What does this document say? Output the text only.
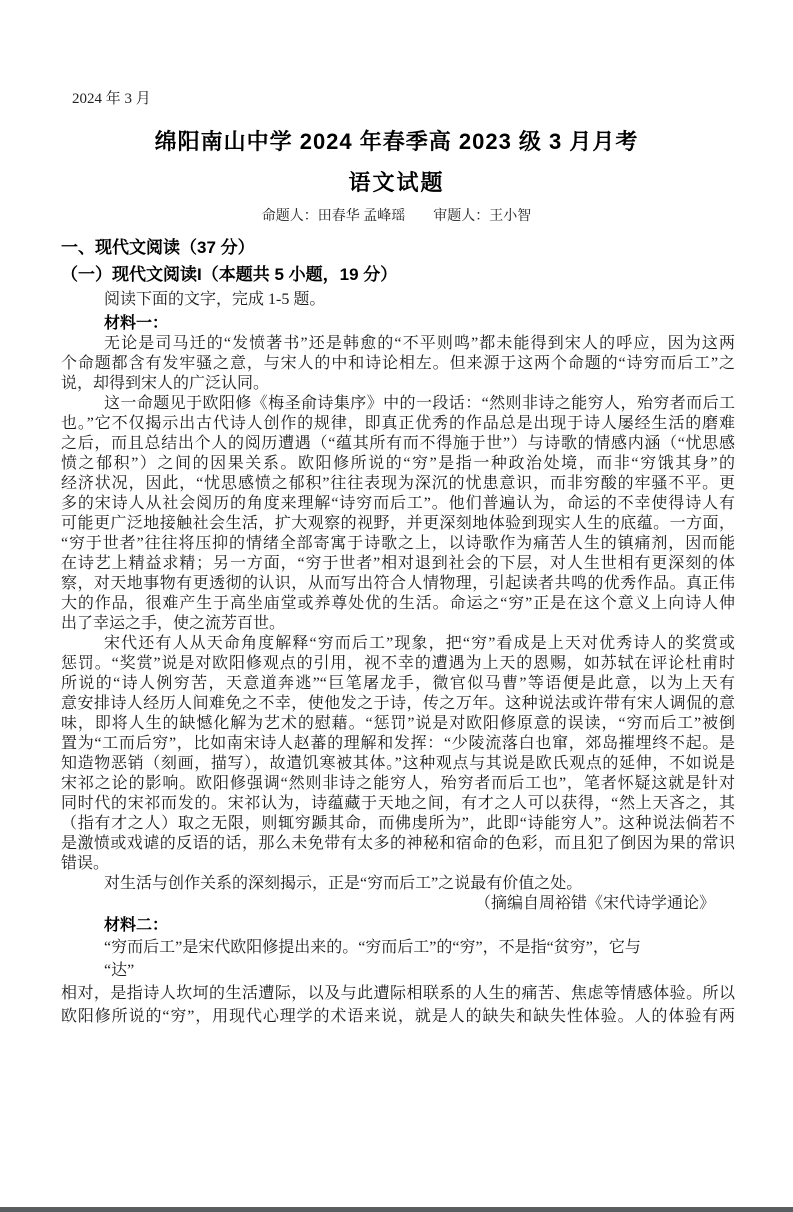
2024 年 3 月
绵阳南山中学 2024 年春季高 2023 级 3 月月考
语文试题
命题人：田春华 孟峰瑶　　审题人：王小智
一、现代文阅读（37 分）
（一）现代文阅读I（本题共 5 小题，19 分）
阅读下面的文字，完成 1-5 题。
材料一：
无论是司马迁的“发愤著书”还是韩愈的“不平则鸣”都未能得到宋人的呼应，因为这两
个命题都含有发牢骚之意，与宋人的中和诗论相左。但来源于这两个命题的“诗穷而后工”之
说，却得到宋人的广泛认同。
这一命题见于欧阳修《梅圣俞诗集序》中的一段话：“然则非诗之能穷人，殆穷者而后工
也。”它不仅揭示出古代诗人创作的规律，即真正优秀的作品总是出现于诗人屡经生活的磨难
之后，而且总结出个人的阅历遭遇（“蕴其所有而不得施于世”）与诗歌的情感内涵（“忧思感
愤之郁积”）之间的因果关系。欧阳修所说的“穷”是指一种政治处境，而非“穷饿其身”的
经济状况，因此，“忧思感愤之郁积”往往表现为深沉的忧患意识，而非穷酸的牢骚不平。更
多的宋诗人从社会阅历的角度来理解“诗穷而后工”。他们普遍认为，命运的不幸使得诗人有
可能更广泛地接触社会生活，扩大观察的视野，并更深刻地体验到现实人生的底蕴。一方面，
“穷于世者”往往将压抑的情绪全部寄寓于诗歌之上，以诗歌作为痛苦人生的镇痛剂，因而能
在诗艺上精益求精；另一方面，“穷于世者”相对退到社会的下层，对人生世相有更深刻的体
察，对天地事物有更透彻的认识，从而写出符合人情物理，引起读者共鸣的优秀作品。真正伟
大的作品，很难产生于高坐庙堂或养尊处优的生活。命运之“穷”正是在这个意义上向诗人伸
出了幸运之手，使之流芳百世。
宋代还有人从天命角度解释“穷而后工”现象，把“穷”看成是上天对优秀诗人的奖赏或
惩罚。“奖赏”说是对欧阳修观点的引用，视不幸的遭遇为上天的恩赐，如苏轼在评论杜甫时
所说的“诗人例穷苦，天意道奔逃”“巨笔屠龙手，微官似马曹”等语便是此意，以为上天有
意安排诗人经历人间难免之不幸，使他发之于诗，传之万年。这种说法或许带有宋人调侃的意
味，即将人生的缺憾化解为艺术的慰藉。“惩罚”说是对欧阳修原意的误读，“穷而后工”被倒
置为“工而后穷”，比如南宋诗人赵蕃的理解和发挥：“少陵流落白也窜，郊岛摧埋终不起。是
知造物恶销（刻画，描写），故遣饥寒被其体。”这种观点与其说是欧氏观点的延伸，不如说是
宋祁之论的影响。欧阳修强调“然则非诗之能穷人，殆穷者而后工也”，笔者怀疑这就是针对
同时代的宋祁而发的。宋祁认为，诗蕴藏于天地之间，有才之人可以获得，“然上天吝之，其
（指有才之人）取之无限，则辄穷踬其命，而佛虔所为”，此即“诗能穷人”。这种说法倘若不
是激愤或戏谑的反语的话，那么未免带有太多的神秘和宿命的色彩，而且犯了倒因为果的常识
错误。
对生活与创作关系的深刻揭示，正是“穷而后工”之说最有价值之处。
（摘编自周裕错《宋代诗学通论》
材料二：
“穷而后工”是宋代欧阳修提出来的。“穷而后工”的“穷”，不是指“贫穷”，它与
“达”
相对，是指诗人坎坷的生活遭际，以及与此遭际相联系的人生的痛苦、焦虑等情感体验。所以
欧阳修所说的“穷”，用现代心理学的术语来说，就是人的缺失和缺失性体验。人的体验有两
